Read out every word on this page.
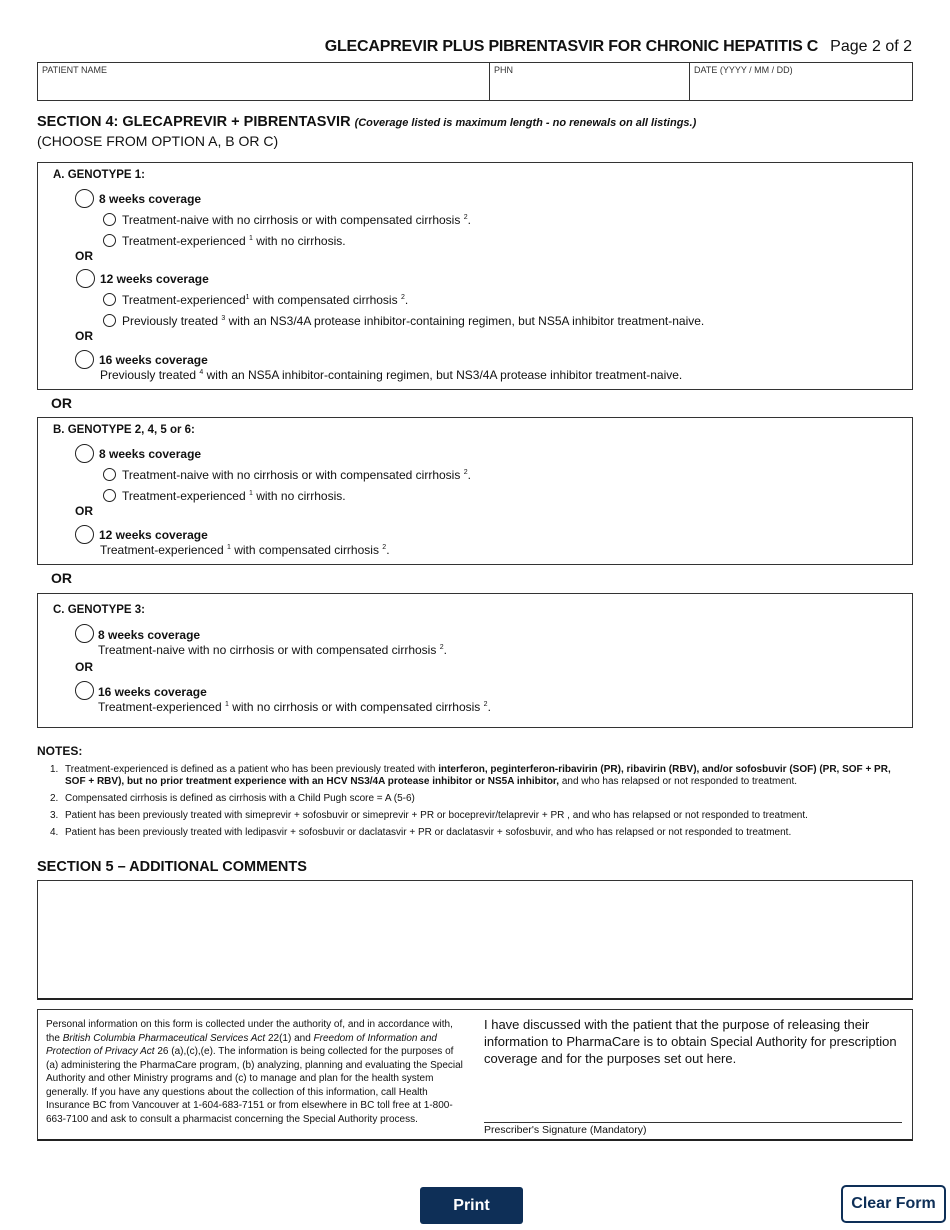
GLECAPREVIR PLUS PIBRENTASVIR FOR CHRONIC HEPATITIS C Page 2 of 2
PATIENT NAME	PHN	DATE (YYYY / MM / DD)
SECTION 4: GLECAPREVIR + PIBRENTASVIR (Coverage listed is maximum length - no renewals on all listings.)
(CHOOSE FROM OPTION A, B OR C)
A. GENOTYPE 1:
8 weeks coverage
Treatment-naive with no cirrhosis or with compensated cirrhosis $^2$.
Treatment-experienced $^1$ with no cirrhosis.
OR
12 weeks coverage
Treatment-experienced$^1$ with compensated cirrhosis $^2$.
Previously treated $^3$ with an NS3/4A protease inhibitor-containing regimen, but NS5A inhibitor treatment-naive.
OR
16 weeks coverage
Previously treated $^4$ with an NS5A inhibitor-containing regimen, but NS3/4A protease inhibitor treatment-naive.
OR
B. GENOTYPE 2, 4, 5 or 6:
8 weeks coverage
Treatment-naive with no cirrhosis or with compensated cirrhosis $^2$.
Treatment-experienced $^1$ with no cirrhosis.
OR
12 weeks coverage
Treatment-experienced $^1$ with compensated cirrhosis $^2$.
OR
C. GENOTYPE 3:
8 weeks coverage
Treatment-naive with no cirrhosis or with compensated cirrhosis $^2$.
OR
16 weeks coverage
Treatment-experienced $^1$ with no cirrhosis or with compensated cirrhosis $^2$.
NOTES:
1. Treatment-experienced is defined as a patient who has been previously treated with interferon, peginterferon-ribavirin (PR), ribavirin (RBV), and/or sofosbuvir (SOF) (PR, SOF + PR, SOF + RBV), but no prior treatment experience with an HCV NS3/4A protease inhibitor or NS5A inhibitor, and who has relapsed or not responded to treatment.
2. Compensated cirrhosis is defined as cirrhosis with a Child Pugh score = A (5-6)
3. Patient has been previously treated with simeprevir + sofosbuvir or simeprevir + PR or boceprevir/telaprevir + PR , and who has relapsed or not responded to treatment.
4. Patient has been previously treated with ledipasvir + sofosbuvir or daclatasvir + PR or daclatasvir + sofosbuvir, and who has relapsed or not responded to treatment.
SECTION 5 – ADDITIONAL COMMENTS
Personal information on this form is collected under the authority of, and in accordance with, the British Columbia Pharmaceutical Services Act 22(1) and Freedom of Information and Protection of Privacy Act 26 (a),(c),(e). The information is being collected for the purposes of (a) administering the PharmaCare program, (b) analyzing, planning and evaluating the Special Authority and other Ministry programs and (c) to manage and plan for the health system generally. If you have any questions about the collection of this information, call Health Insurance BC from Vancouver at 1-604-683-7151 or from elsewhere in BC toll free at 1-800-663-7100 and ask to consult a pharmacist concerning the Special Authority process.
I have discussed with the patient that the purpose of releasing their information to PharmaCare is to obtain Special Authority for prescription coverage and for the purposes set out here.
Prescriber's Signature (Mandatory)
Print	Clear Form
